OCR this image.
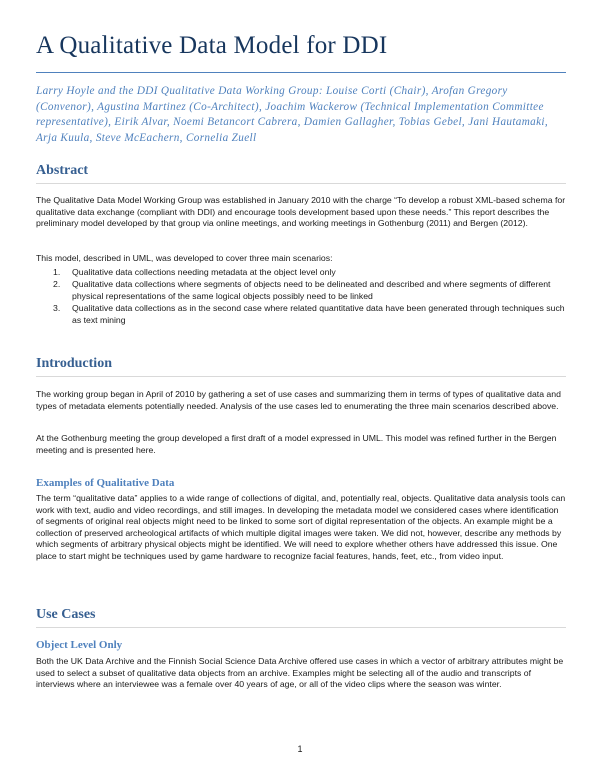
A Qualitative Data Model for DDI
Larry Hoyle and the DDI Qualitative Data Working Group: Louise Corti (Chair), Arofan Gregory (Convenor), Agustina Martinez (Co-Architect), Joachim Wackerow (Technical Implementation Committee representative), Eirik Alvar, Noemi Betancort Cabrera, Damien Gallagher, Tobias Gebel, Jani Hautamaki, Arja Kuula, Steve McEachern, Cornelia Zuell
Abstract
The Qualitative Data Model Working Group was established in January 2010 with the charge “To develop a robust XML-based schema for qualitative data exchange (compliant with DDI) and encourage tools development based upon these needs.” This report describes the preliminary model developed by that group via online meetings, and working meetings in Gothenburg (2011) and Bergen (2012).
This model, described in UML, was developed to cover three main scenarios:
1. Qualitative data collections needing metadata at the object level only
2. Qualitative data collections where segments of objects need to be delineated and described and where segments of different physical representations of the same logical objects possibly need to be linked
3. Qualitative data collections as in the second case where related quantitative data have been generated through techniques such as text mining
Introduction
The working group began in April of 2010 by gathering a set of use cases and summarizing them in terms of types of qualitative data and types of metadata elements potentially needed. Analysis of the use cases led to enumerating the three main scenarios described above.
At the Gothenburg meeting the group developed a first draft of a model expressed in UML. This model was refined further in the Bergen meeting and is presented here.
Examples of Qualitative Data
The term “qualitative data” applies to a wide range of collections of digital, and, potentially real, objects. Qualitative data analysis tools can work with text, audio and video recordings, and still images. In developing the metadata model we considered cases where identification of segments of original real objects might need to be linked to some sort of digital representation of the objects. An example might be a collection of preserved archeological artifacts of which multiple digital images were taken. We did not, however, describe any methods by which segments of arbitrary physical objects might be identified. We will need to explore whether others have addressed this issue. One place to start might be techniques used by game hardware to recognize facial features, hands, feet, etc., from video input.
Use Cases
Object Level Only
Both the UK Data Archive and the Finnish Social Science Data Archive offered use cases in which a vector of arbitrary attributes might be used to select a subset of qualitative data objects from an archive. Examples might be selecting all of the audio and transcripts of interviews where an interviewee was a female over 40 years of age, or all of the video clips where the season was winter.
1
